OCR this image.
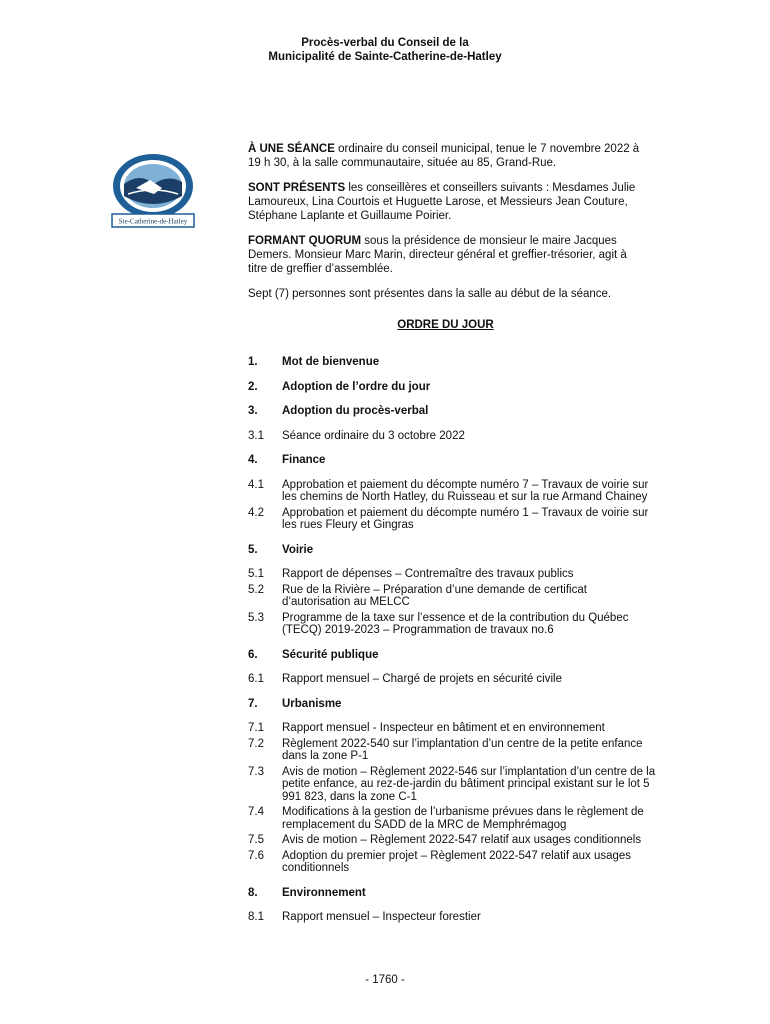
Procès-verbal du Conseil de la
Municipalité de Sainte-Catherine-de-Hatley
Ste-Catherine-de-Hatley

À UNE SÉANCE ordinaire du conseil municipal, tenue le 7 novembre 2022 à 19 h 30, à la salle communautaire, située au 85, Grand-Rue.

SONT PRÉSENTS les conseillères et conseillers suivants : Mesdames Julie Lamoureux, Lina Courtois et Huguette Larose, et Messieurs Jean Couture, Stéphane Laplante et Guillaume Poirier.

FORMANT QUORUM sous la présidence de monsieur le maire Jacques Demers. Monsieur Marc Marin, directeur général et greffier-trésorier, agit à titre de greffier d’assemblée.

Sept (7) personnes sont présentes dans la salle au début de la séance.

ORDRE DU JOUR
1.	Mot de bienvenue
2.	Adoption de l’ordre du jour
3.	Adoption du procès-verbal
3.1	Séance ordinaire du 3 octobre 2022
4.	Finance
4.1	Approbation et paiement du décompte numéro 7 – Travaux de voirie sur les chemins de North Hatley, du Ruisseau et sur la rue Armand Chainey
4.2	Approbation et paiement du décompte numéro 1 – Travaux de voirie sur les rues Fleury et Gingras
5.	Voirie
5.1	Rapport de dépenses – Contremaître des travaux publics
5.2	Rue de la Rivière – Préparation d’une demande de certificat d’autorisation au MELCC
5.3	Programme de la taxe sur l’essence et de la contribution du Québec (TECQ) 2019-2023 – Programmation de travaux no.6
6.	Sécurité publique
6.1	Rapport mensuel – Chargé de projets en sécurité civile
7.	Urbanisme
7.1	Rapport mensuel - Inspecteur en bâtiment et en environnement
7.2	Règlement 2022-540 sur l’implantation d’un centre de la petite enfance dans la zone P-1
7.3	Avis de motion – Règlement 2022-546 sur l’implantation d’un centre de la petite enfance, au rez-de-jardin du bâtiment principal existant sur le lot 5 991 823, dans la zone C-1
7.4	Modifications à la gestion de l’urbanisme prévues dans le règlement de remplacement du SADD de la MRC de Memphrémagog
7.5	Avis de motion – Règlement 2022-547 relatif aux usages conditionnels
7.6	Adoption du premier projet – Règlement 2022-547 relatif aux usages conditionnels
8.	Environnement
8.1	Rapport mensuel – Inspecteur forestier
- 1760 -
